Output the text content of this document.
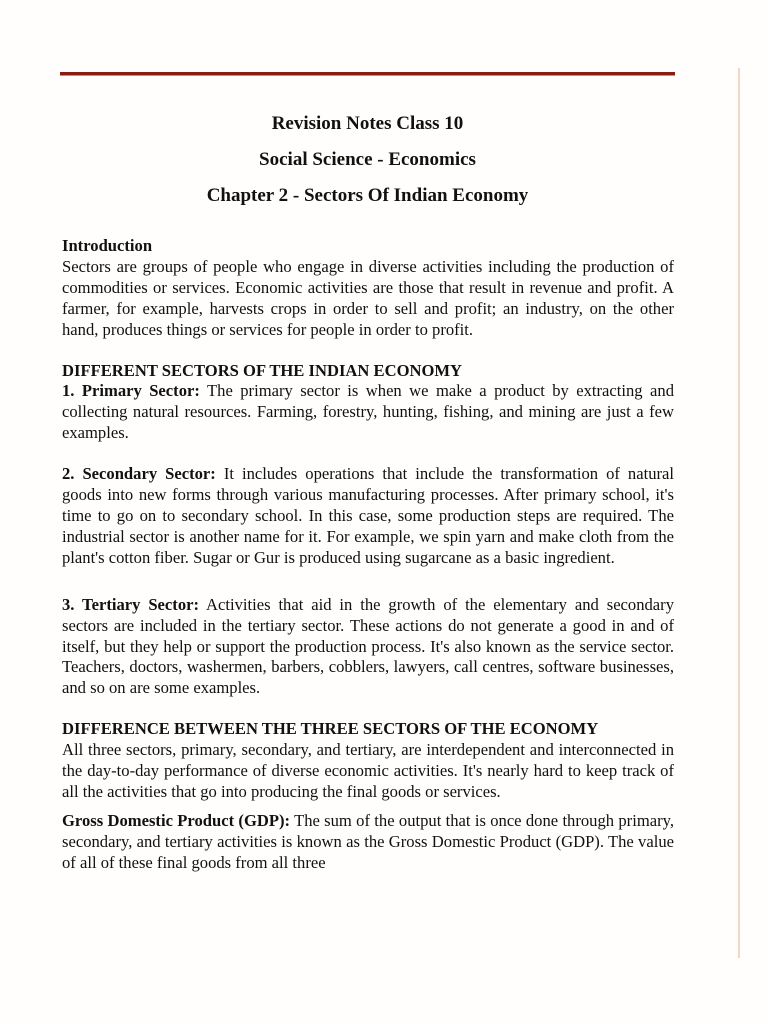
Revision Notes Class 10

Social Science - Economics

Chapter 2 - Sectors Of Indian Economy

Introduction

Sectors are groups of people who engage in diverse activities including the production of commodities or services. Economic activities are those that result in revenue and profit. A farmer, for example, harvests crops in order to sell and profit; an industry, on the other hand, produces things or services for people in order to profit.

DIFFERENT SECTORS OF THE INDIAN ECONOMY

1. Primary Sector: The primary sector is when we make a product by extracting and collecting natural resources. Farming, forestry, hunting, fishing, and mining are just a few examples.

2. Secondary Sector: It includes operations that include the transformation of natural goods into new forms through various manufacturing processes. After primary school, it's time to go on to secondary school. In this case, some production steps are required. The industrial sector is another name for it. For example, we spin yarn and make cloth from the plant's cotton fiber. Sugar or Gur is produced using sugarcane as a basic ingredient.

3. Tertiary Sector: Activities that aid in the growth of the elementary and secondary sectors are included in the tertiary sector. These actions do not generate a good in and of itself, but they help or support the production process. It's also known as the service sector. Teachers, doctors, washermen, barbers, cobblers, lawyers, call centres, software businesses, and so on are some examples.

DIFFERENCE BETWEEN THE THREE SECTORS OF THE ECONOMY

All three sectors, primary, secondary, and tertiary, are interdependent and interconnected in the day-to-day performance of diverse economic activities. It's nearly hard to keep track of all the activities that go into producing the final goods or services.

Gross Domestic Product (GDP): The sum of the output that is once done through primary, secondary, and tertiary activities is known as the Gross Domestic Product (GDP). The value of all of these final goods from all three
